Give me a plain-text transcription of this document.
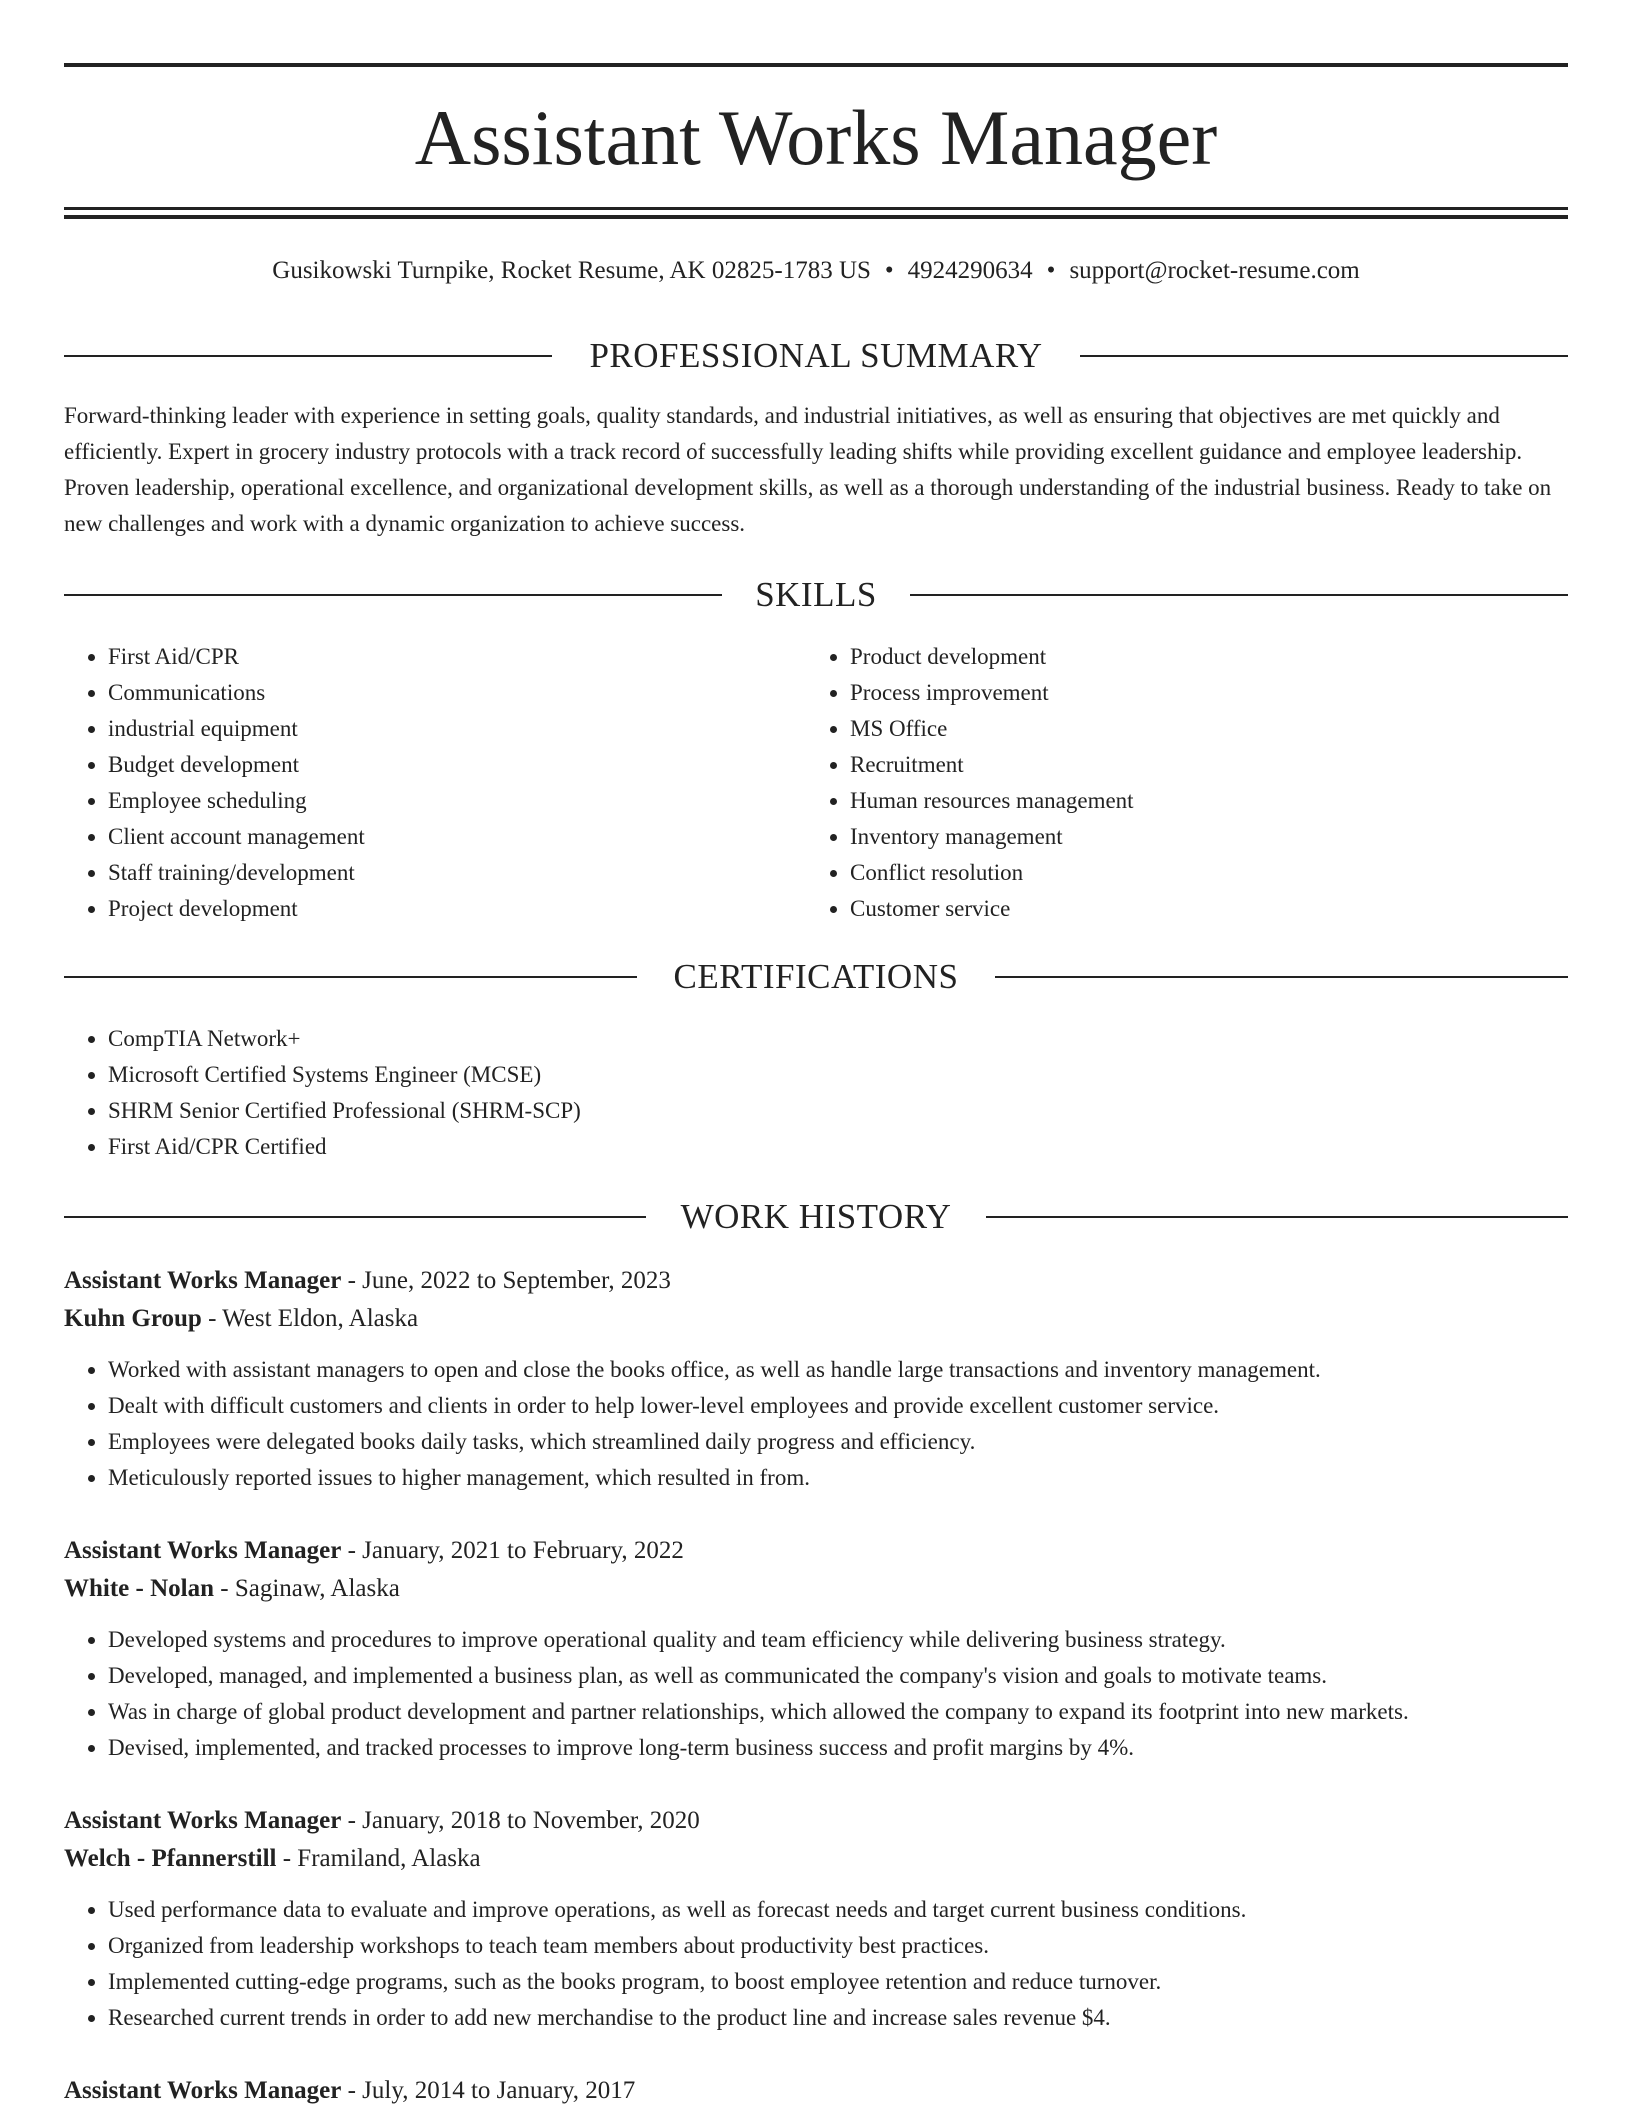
Assistant Works Manager
Gusikowski Turnpike, Rocket Resume, AK 02825-1783 US • 4924290634 • support@rocket-resume.com
PROFESSIONAL SUMMARY

Forward-thinking leader with experience in setting goals, quality standards, and industrial initiatives, as well as ensuring that objectives are met quickly and efficiently. Expert in grocery industry protocols with a track record of successfully leading shifts while providing excellent guidance and employee leadership. Proven leadership, operational excellence, and organizational development skills, as well as a thorough understanding of the industrial business. Ready to take on new challenges and work with a dynamic organization to achieve success.

SKILLS
• First Aid/CPR
• Communications
• industrial equipment
• Budget development
• Employee scheduling
• Client account management
• Staff training/development
• Project development
• Product development
• Process improvement
• MS Office
• Recruitment
• Human resources management
• Inventory management
• Conflict resolution
• Customer service
CERTIFICATIONS
• CompTIA Network+
• Microsoft Certified Systems Engineer (MCSE)
• SHRM Senior Certified Professional (SHRM-SCP)
• First Aid/CPR Certified
WORK HISTORY
Assistant Works Manager - June, 2022 to September, 2023
Kuhn Group - West Eldon, Alaska
• Worked with assistant managers to open and close the books office, as well as handle large transactions and inventory management.
• Dealt with difficult customers and clients in order to help lower-level employees and provide excellent customer service.
• Employees were delegated books daily tasks, which streamlined daily progress and efficiency.
• Meticulously reported issues to higher management, which resulted in from.
Assistant Works Manager - January, 2021 to February, 2022
White - Nolan - Saginaw, Alaska
• Developed systems and procedures to improve operational quality and team efficiency while delivering business strategy.
• Developed, managed, and implemented a business plan, as well as communicated the company's vision and goals to motivate teams.
• Was in charge of global product development and partner relationships, which allowed the company to expand its footprint into new markets.
• Devised, implemented, and tracked processes to improve long-term business success and profit margins by 4%.
Assistant Works Manager - January, 2018 to November, 2020
Welch - Pfannerstill - Framiland, Alaska
• Used performance data to evaluate and improve operations, as well as forecast needs and target current business conditions.
• Organized from leadership workshops to teach team members about productivity best practices.
• Implemented cutting-edge programs, such as the books program, to boost employee retention and reduce turnover.
• Researched current trends in order to add new merchandise to the product line and increase sales revenue $4.
Assistant Works Manager - July, 2014 to January, 2017
